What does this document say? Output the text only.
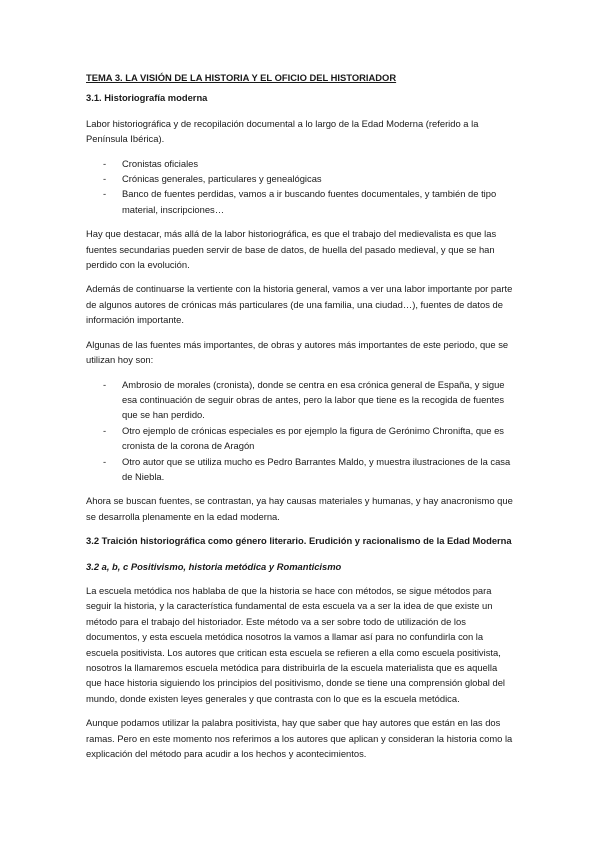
TEMA 3. LA VISIÓN DE LA HISTORIA Y EL OFICIO DEL HISTORIADOR
3.1. Historiografía moderna

Labor historiográfica y de recopilación documental a lo largo de la Edad Moderna (referido a la Península Ibérica).

- Cronistas oficiales
- Crónicas generales, particulares y genealógicas
- Banco de fuentes perdidas, vamos a ir buscando fuentes documentales, y también de tipo material, inscripciones…

Hay que destacar, más allá de la labor historiográfica, es que el trabajo del medievalista es que las fuentes secundarias pueden servir de base de datos, de huella del pasado medieval, y que se han perdido con la evolución.

Además de continuarse la vertiente con la historia general, vamos a ver una labor importante por parte de algunos autores de crónicas más particulares (de una familia, una ciudad…), fuentes de datos de información importante.

Algunas de las fuentes más importantes, de obras y autores más importantes de este periodo, que se utilizan hoy son:

- Ambrosio de morales (cronista), donde se centra en esa crónica general de España, y sigue esa continuación de seguir obras de antes, pero la labor que tiene es la recogida de fuentes que se han perdido.
- Otro ejemplo de crónicas especiales es por ejemplo la figura de Gerónimo Chronifta, que es cronista de la corona de Aragón
- Otro autor que se utiliza mucho es Pedro Barrantes Maldo, y muestra ilustraciones de la casa de Niebla.

Ahora se buscan fuentes, se contrastan, ya hay causas materiales y humanas, y hay anacronismo que se desarrolla plenamente en la edad moderna.

3.2 Traición historiográfica como género literario. Erudición y racionalismo de la Edad Moderna
3.2 a, b, c Positivismo, historia metódica y Romanticismo

La escuela metódica nos hablaba de que la historia se hace con métodos, se sigue métodos para seguir la historia, y la característica fundamental de esta escuela va a ser la idea de que existe un método para el trabajo del historiador. Este método va a ser sobre todo de utilización de los documentos, y esta escuela metódica nosotros la vamos a llamar así para no confundirla con la escuela positivista. Los autores que critican esta escuela se refieren a ella como escuela positivista, nosotros la llamaremos escuela metódica para distribuirla de la escuela materialista que es aquella que hace historia siguiendo los principios del positivismo, donde se tiene una comprensión global del mundo, donde existen leyes generales y que contrasta con lo que es la escuela metódica.

Aunque podamos utilizar la palabra positivista, hay que saber que hay autores que están en las dos ramas. Pero en este momento nos referimos a los autores que aplican y consideran la historia como la explicación del método para acudir a los hechos y acontecimientos.
